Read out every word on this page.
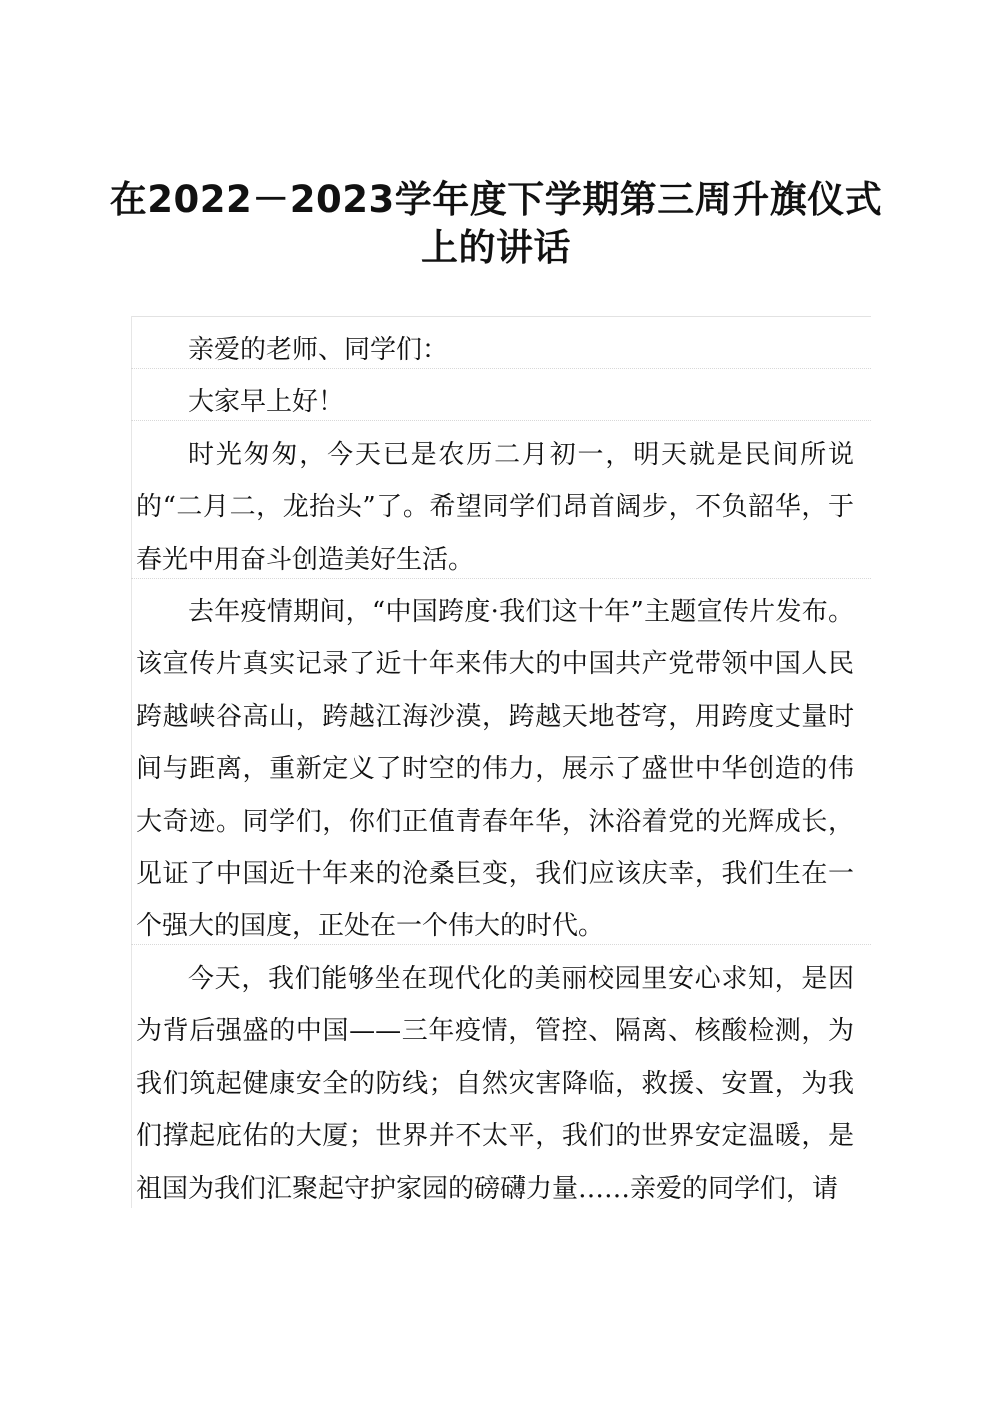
在2022－2023学年度下学期第三周升旗仪式
上的讲话

亲爱的老师、同学们：

大家早上好！

时光匆匆，今天已是农历二月初一，明天就是民间所说的“二月二，龙抬头”了。希望同学们昂首阔步，不负韶华，于春光中用奋斗创造美好生活。

去年疫情期间，“中国跨度·我们这十年”主题宣传片发布。该宣传片真实记录了近十年来伟大的中国共产党带领中国人民跨越峡谷高山，跨越江海沙漠，跨越天地苍穹，用跨度丈量时间与距离，重新定义了时空的伟力，展示了盛世中华创造的伟大奇迹。同学们，你们正值青春年华，沐浴着党的光辉成长，见证了中国近十年来的沧桑巨变，我们应该庆幸，我们生在一个强大的国度，正处在一个伟大的时代。

今天，我们能够坐在现代化的美丽校园里安心求知，是因为背后强盛的中国——三年疫情，管控、隔离、核酸检测，为我们筑起健康安全的防线；自然灾害降临，救援、安置，为我们撑起庇佑的大厦；世界并不太平，我们的世界安定温暖，是祖国为我们汇聚起守护家园的磅礴力量……亲爱的同学们，请
